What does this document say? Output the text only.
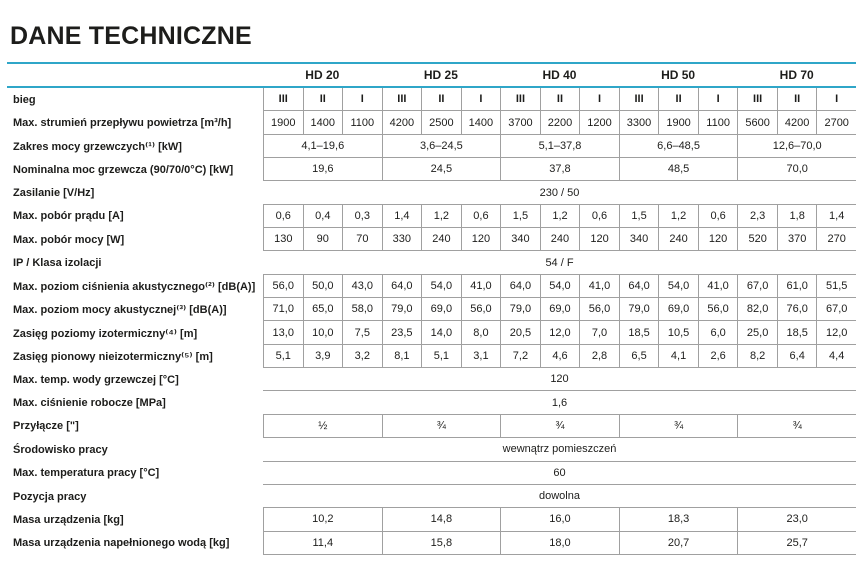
DANE TECHNICZNE
HD 20	HD 25	HD 40	HD 50	HD 70
bieg	III	II	I	III	II	I	III	II	I	III	II	I	III	II	I
Max. strumień przepływu powietrza [m³/h]	1900	1400	1100	4200	2500	1400	3700	2200	1200	3300	1900	1100	5600	4200	2700
Zakres mocy grzewczych⁽¹⁾ [kW]	4,1–19,6	3,6–24,5	5,1–37,8	6,6–48,5	12,6–70,0
Nominalna moc grzewcza (90/70/0°C) [kW]	19,6	24,5	37,8	48,5	70,0
Zasilanie [V/Hz]	230 / 50
Max. pobór prądu [A]	0,6	0,4	0,3	1,4	1,2	0,6	1,5	1,2	0,6	1,5	1,2	0,6	2,3	1,8	1,4
Max. pobór mocy [W]	130	90	70	330	240	120	340	240	120	340	240	120	520	370	270
IP / Klasa izolacji	54 / F
Max. poziom ciśnienia akustycznego⁽²⁾ [dB(A)]	56,0	50,0	43,0	64,0	54,0	41,0	64,0	54,0	41,0	64,0	54,0	41,0	67,0	61,0	51,5
Max. poziom mocy akustycznej⁽³⁾ [dB(A)]	71,0	65,0	58,0	79,0	69,0	56,0	79,0	69,0	56,0	79,0	69,0	56,0	82,0	76,0	67,0
Zasięg poziomy izotermiczny⁽⁴⁾ [m]	13,0	10,0	7,5	23,5	14,0	8,0	20,5	12,0	7,0	18,5	10,5	6,0	25,0	18,5	12,0
Zasięg pionowy nieizotermiczny⁽⁵⁾ [m]	5,1	3,9	3,2	8,1	5,1	3,1	7,2	4,6	2,8	6,5	4,1	2,6	8,2	6,4	4,4
Max. temp. wody grzewczej [°C]	120
Max. ciśnienie robocze [MPa]	1,6
Przyłącze ["]	½	¾	¾	¾	¾
Środowisko pracy	wewnątrz pomieszczeń
Max. temperatura pracy [°C]	60
Pozycja pracy	dowolna
Masa urządzenia [kg]	10,2	14,8	16,0	18,3	23,0
Masa urządzenia napełnionego wodą [kg]	11,4	15,8	18,0	20,7	25,7
